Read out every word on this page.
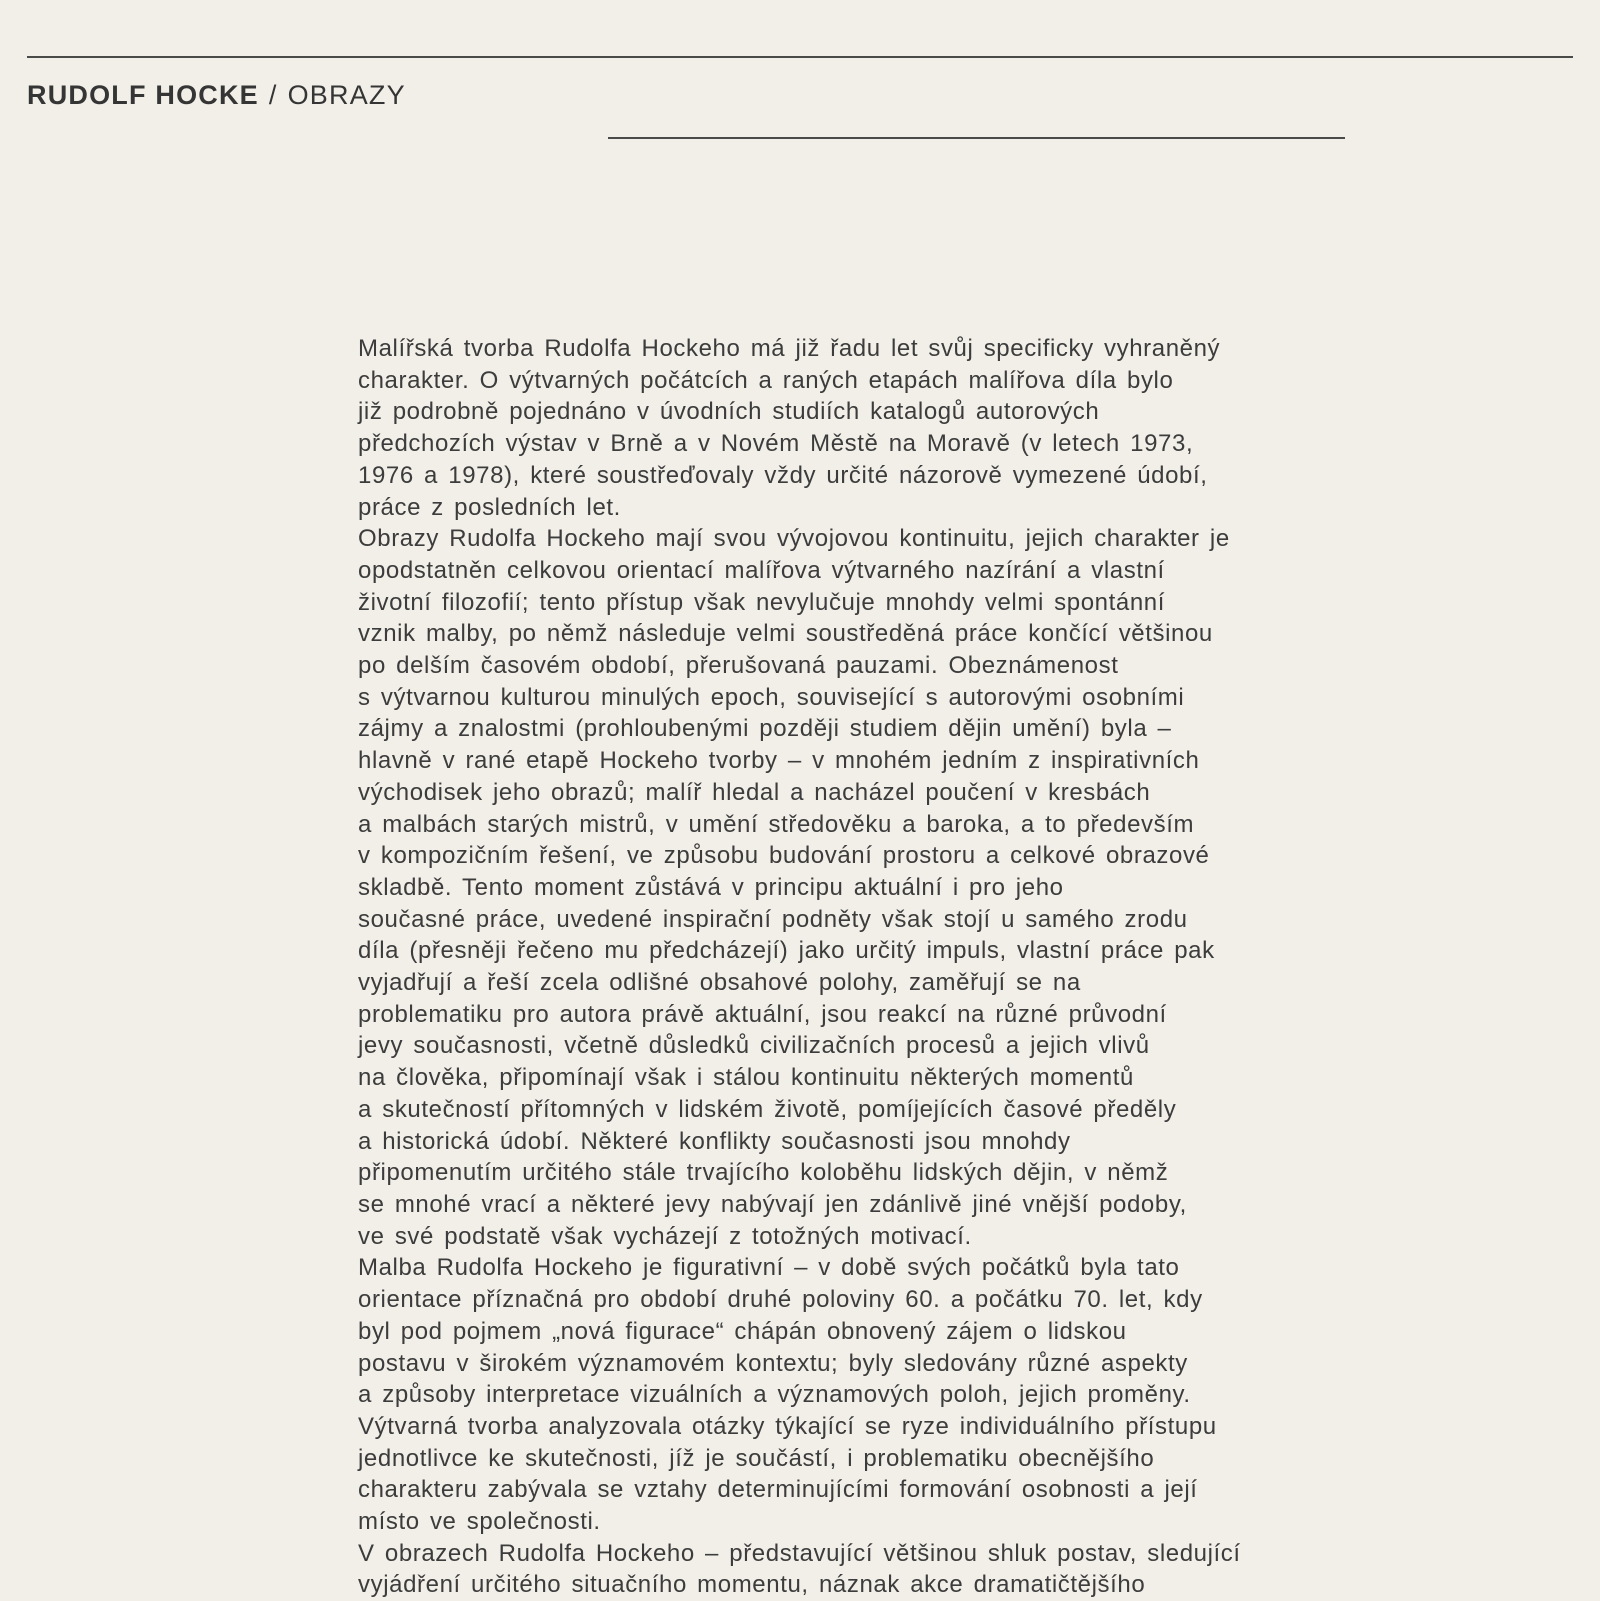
RUDOLF HOCKE / OBRAZY
Malířská tvorba Rudolfa Hockeho má již řadu let svůj specificky vyhraněný
charakter. O výtvarných počátcích a raných etapách malířova díla bylo
již podrobně pojednáno v úvodních studiích katalogů autorových
předchozích výstav v Brně a v Novém Městě na Moravě (v letech 1973,
1976 a 1978), které soustřeďovaly vždy určité názorově vymezené údobí,
práce z posledních let.
Obrazy Rudolfa Hockeho mají svou vývojovou kontinuitu, jejich charakter je
opodstatněn celkovou orientací malířova výtvarného nazírání a vlastní
životní filozofií; tento přístup však nevylučuje mnohdy velmi spontánní
vznik malby, po němž následuje velmi soustředěná práce končící většinou
po delším časovém období, přerušovaná pauzami. Obeznámenost
s výtvarnou kulturou minulých epoch, související s autorovými osobními
zájmy a znalostmi (prohloubenými později studiem dějin umění) byla –
hlavně v rané etapě Hockeho tvorby – v mnohém jedním z inspirativních
východisek jeho obrazů; malíř hledal a nacházel poučení v kresbách
a malbách starých mistrů, v umění středověku a baroka, a to především
v kompozičním řešení, ve způsobu budování prostoru a celkové obrazové
skladbě. Tento moment zůstává v principu aktuální i pro jeho
současné práce, uvedené inspirační podněty však stojí u samého zrodu
díla (přesněji řečeno mu předcházejí) jako určitý impuls, vlastní práce pak
vyjadřují a řeší zcela odlišné obsahové polohy, zaměřují se na
problematiku pro autora právě aktuální, jsou reakcí na různé průvodní
jevy současnosti, včetně důsledků civilizačních procesů a jejich vlivů
na člověka, připomínají však i stálou kontinuitu některých momentů
a skutečností přítomných v lidském životě, pomíjejících časové předěly
a historická údobí. Některé konflikty současnosti jsou mnohdy
připomenutím určitého stále trvajícího koloběhu lidských dějin, v němž
se mnohé vrací a některé jevy nabývají jen zdánlivě jiné vnější podoby,
ve své podstatě však vycházejí z totožných motivací.
Malba Rudolfa Hockeho je figurativní – v době svých počátků byla tato
orientace příznačná pro období druhé poloviny 60. a počátku 70. let, kdy
byl pod pojmem „nová figurace“ chápán obnovený zájem o lidskou
postavu v širokém významovém kontextu; byly sledovány různé aspekty
a způsoby interpretace vizuálních a významových poloh, jejich proměny.
Výtvarná tvorba analyzovala otázky týkající se ryze individuálního přístupu
jednotlivce ke skutečnosti, jíž je součástí, i problematiku obecnějšího
charakteru zabývala se vztahy determinujícími formování osobnosti a její
místo ve společnosti.
V obrazech Rudolfa Hockeho – představující většinou shluk postav, sledující
vyjádření určitého situačního momentu, náznak akce dramatičtějšího
